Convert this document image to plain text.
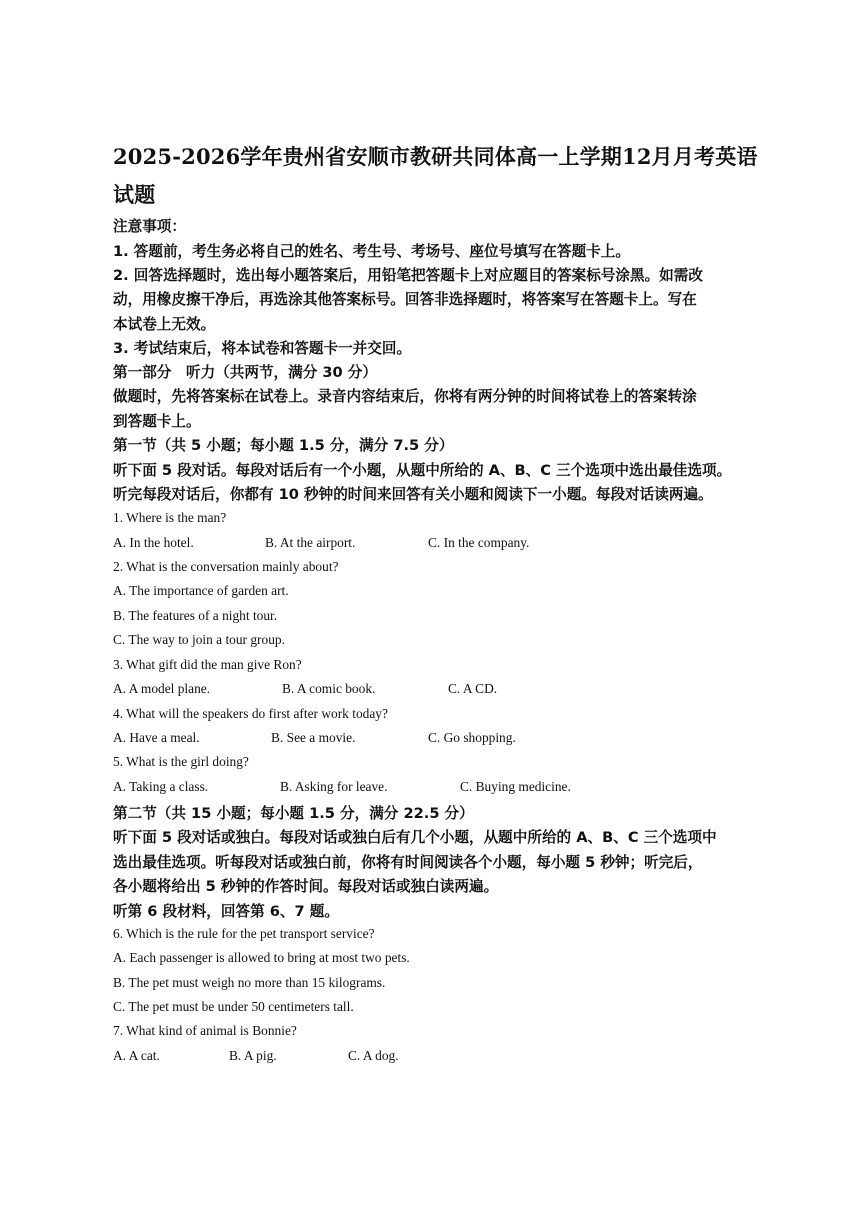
2025-2026学年贵州省安顺市教研共同体高一上学期12月月考英语试题
注意事项：
1. 答题前，考生务必将自己的姓名、考生号、考场号、座位号填写在答题卡上。
2. 回答选择题时，选出每小题答案后，用铅笔把答题卡上对应题目的答案标号涂黑。如需改
动，用橡皮擦干净后，再选涂其他答案标号。回答非选择题时，将答案写在答题卡上。写在
本试卷上无效。
3. 考试结束后，将本试卷和答题卡一并交回。
第一部分　听力（共两节，满分 30 分）
做题时，先将答案标在试卷上。录音内容结束后，你将有两分钟的时间将试卷上的答案转涂
到答题卡上。
第一节（共 5 小题；每小题 1.5 分，满分 7.5 分）
听下面 5 段对话。每段对话后有一个小题，从题中所给的 A、B、C 三个选项中选出最佳选项。
听完每段对话后，你都有 10 秒钟的时间来回答有关小题和阅读下一小题。每段对话读两遍。
1. Where is the man?
A. In the hotel.	B. At the airport.	C. In the company.
2. What is the conversation mainly about?
A. The importance of garden art.
B. The features of a night tour.
C. The way to join a tour group.
3. What gift did the man give Ron?
A. A model plane.	B. A comic book.	C. A CD.
4. What will the speakers do first after work today?
A. Have a meal.	B. See a movie.	C. Go shopping.
5. What is the girl doing?
A. Taking a class.	B. Asking for leave.	C. Buying medicine.
第二节（共 15 小题；每小题 1.5 分，满分 22.5 分）
听下面 5 段对话或独白。每段对话或独白后有几个小题，从题中所给的 A、B、C 三个选项中
选出最佳选项。听每段对话或独白前，你将有时间阅读各个小题，每小题 5 秒钟；听完后，
各小题将给出 5 秒钟的作答时间。每段对话或独白读两遍。
听第 6 段材料，回答第 6、7 题。
6. Which is the rule for the pet transport service?
A. Each passenger is allowed to bring at most two pets.
B. The pet must weigh no more than 15 kilograms.
C. The pet must be under 50 centimeters tall.
7. What kind of animal is Bonnie?
A. A cat.	B. A pig.	C. A dog.
